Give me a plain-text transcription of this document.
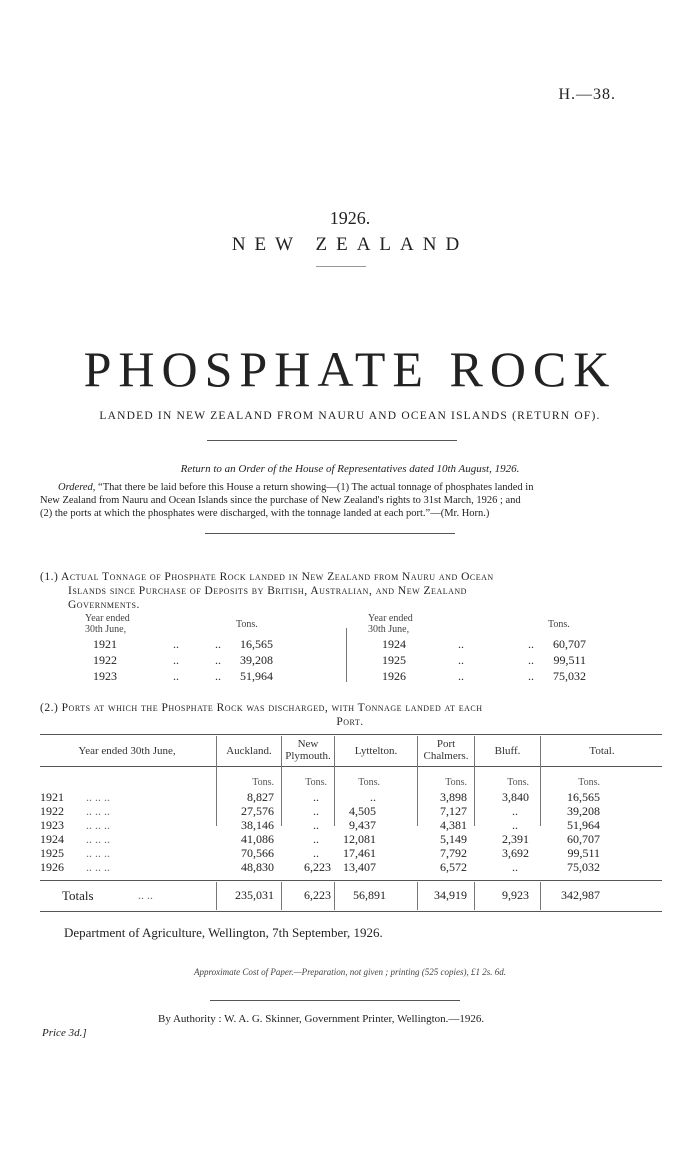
H.—38.
1926.
NEW ZEALAND
PHOSPHATE ROCK
LANDED IN NEW ZEALAND FROM NAURU AND OCEAN ISLANDS (RETURN OF).
Return to an Order of the House of Representatives dated 10th August, 1926.
Ordered, “That there be laid before this House a return showing—(1) The actual tonnage of phosphates landed in
New Zealand from Nauru and Ocean Islands since the purchase of New Zealand's rights to 31st March, 1926 ; and
(2) the ports at which the phosphates were discharged, with the tonnage landed at each port.”—(Mr. Horn.)
(1.) Actual Tonnage of Phosphate Rock landed in New Zealand from Nauru and Ocean
Islands since Purchase of Deposits by British, Australian, and New Zealand
Governments.
Year ended
30th June,	Tons.
1921	..	..	16,565
1922	..	..	39,208
1923	..	..	51,964
Year ended
30th June,	Tons.
1924	..	..	60,707
1925	..	..	99,511
1926	..	..	75,032
(2.) Ports at which the Phosphate Rock was discharged, with Tonnage landed at each
Port.
Year ended 30th June,	Auckland.
New
Plymouth.	Lyttelton.
Port
Chalmers.	Bluff.	Total.
Tons.	Tons.	Tons.	Tons.	Tons.	Tons.
1921 .. .. ..	8,827	..	..	3,898	3,840	16,565
1922 .. .. ..	27,576	..	4,505	7,127	..	39,208
1923 .. .. ..	38,146	..	9,437	4,381	..	51,964
1924 .. .. ..	41,086	..	12,081	5,149	2,391	60,707
1925 .. .. ..	70,566	..	17,461	7,792	3,692	99,511
1926 .. .. ..	48,830	6,223	13,407	6,572	..	75,032
Totals	.. ..	235,031	6,223	56,891	34,919	9,923	342,987
Department of Agriculture, Wellington, 7th September, 1926.
Approximate Cost of Paper.—Preparation, not given ; printing (525 copies), £1 2s. 6d.
By Authority : W. A. G. Skinner, Government Printer, Wellington.—1926.
Price 3d.]
